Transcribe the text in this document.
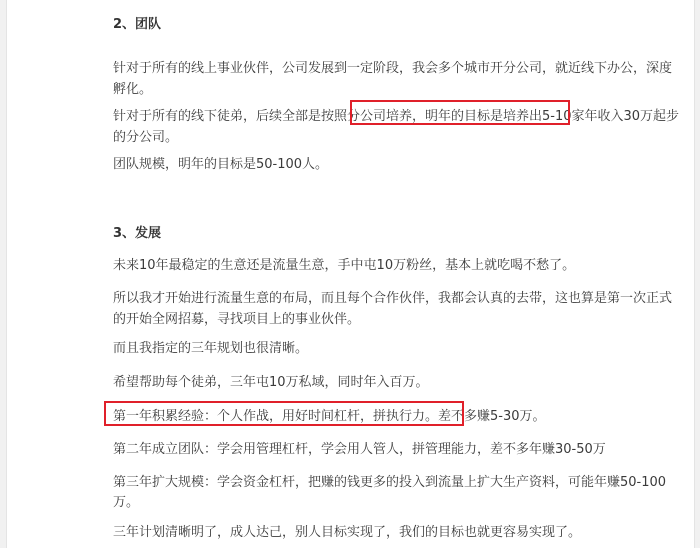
2、团队
针对于所有的线上事业伙伴，公司发展到一定阶段，我会多个城市开分公司，就近线下办公，深度
孵化。
针对于所有的线下徒弟，后续全部是按照分公司培养，明年的目标是培养出5-10家年收入30万起步
的分公司。
团队规模，明年的目标是50-100人。
3、发展
未来10年最稳定的生意还是流量生意，手中屯10万粉丝，基本上就吃喝不愁了。
所以我才开始进行流量生意的布局，而且每个合作伙伴，我都会认真的去带，这也算是第一次正式
的开始全网招募，寻找项目上的事业伙伴。
而且我指定的三年规划也很清晰。
希望帮助每个徒弟，三年屯10万私域，同时年入百万。
第一年积累经验：个人作战，用好时间杠杆，拼执行力。差不多赚5-30万。
第二年成立团队：学会用管理杠杆，学会用人管人，拼管理能力，差不多年赚30-50万
第三年扩大规模：学会资金杠杆，把赚的钱更多的投入到流量上扩大生产资料，可能年赚50-100
万。
三年计划清晰明了，成人达己，别人目标实现了，我们的目标也就更容易实现了。
